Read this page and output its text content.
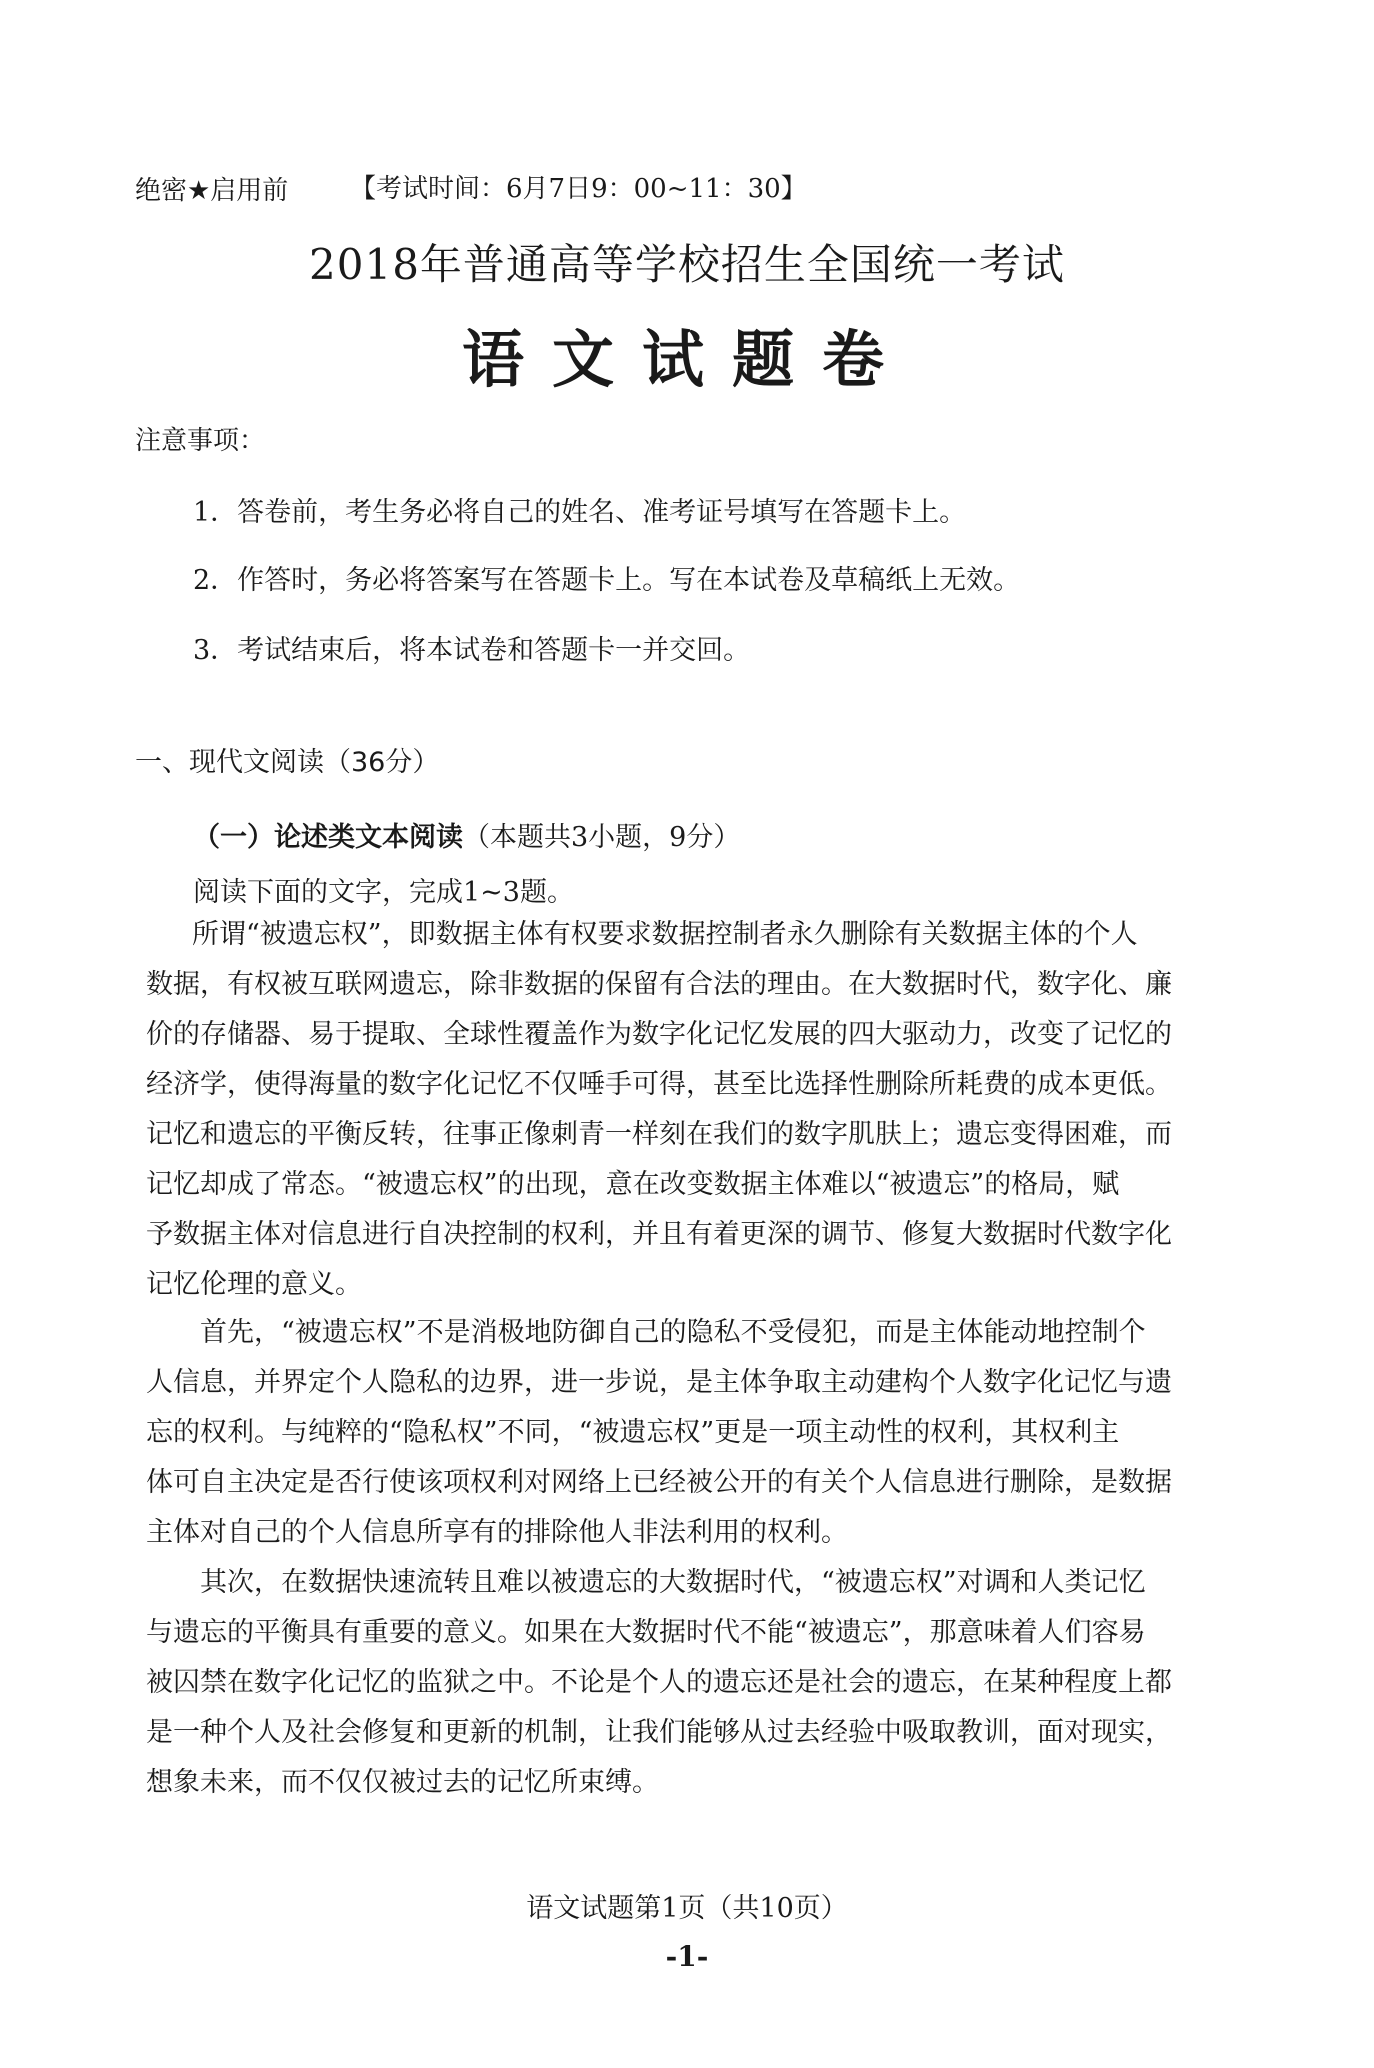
绝密★启用前 【考试时间：6月7日9：00~11：30】
2018年普通高等学校招生全国统一考试
语文试题卷
注意事项：
1．答卷前，考生务必将自己的姓名、准考证号填写在答题卡上。
2．作答时，务必将答案写在答题卡上。写在本试卷及草稿纸上无效。
3．考试结束后，将本试卷和答题卡一并交回。
一、现代文阅读（36分）
（一）论述类文本阅读（本题共3小题，9分）
阅读下面的文字，完成1~3题。
所谓“被遗忘权”，即数据主体有权要求数据控制者永久删除有关数据主体的个人
数据，有权被互联网遗忘，除非数据的保留有合法的理由。在大数据时代，数字化、廉
价的存储器、易于提取、全球性覆盖作为数字化记忆发展的四大驱动力，改变了记忆的
经济学，使得海量的数字化记忆不仅唾手可得，甚至比选择性删除所耗费的成本更低。
记忆和遗忘的平衡反转，往事正像刺青一样刻在我们的数字肌肤上；遗忘变得困难，而
记忆却成了常态。“被遗忘权”的出现，意在改变数据主体难以“被遗忘”的格局，赋
予数据主体对信息进行自决控制的权利，并且有着更深的调节、修复大数据时代数字化
记忆伦理的意义。
首先，“被遗忘权”不是消极地防御自己的隐私不受侵犯，而是主体能动地控制个
人信息，并界定个人隐私的边界，进一步说，是主体争取主动建构个人数字化记忆与遗
忘的权利。与纯粹的“隐私权”不同，“被遗忘权”更是一项主动性的权利，其权利主
体可自主决定是否行使该项权利对网络上已经被公开的有关个人信息进行删除，是数据
主体对自己的个人信息所享有的排除他人非法利用的权利。
其次，在数据快速流转且难以被遗忘的大数据时代，“被遗忘权”对调和人类记忆
与遗忘的平衡具有重要的意义。如果在大数据时代不能“被遗忘”，那意味着人们容易
被囚禁在数字化记忆的监狱之中。不论是个人的遗忘还是社会的遗忘，在某种程度上都
是一种个人及社会修复和更新的机制，让我们能够从过去经验中吸取教训，面对现实，
想象未来，而不仅仅被过去的记忆所束缚。
语文试题第1页（共10页）
-1-
